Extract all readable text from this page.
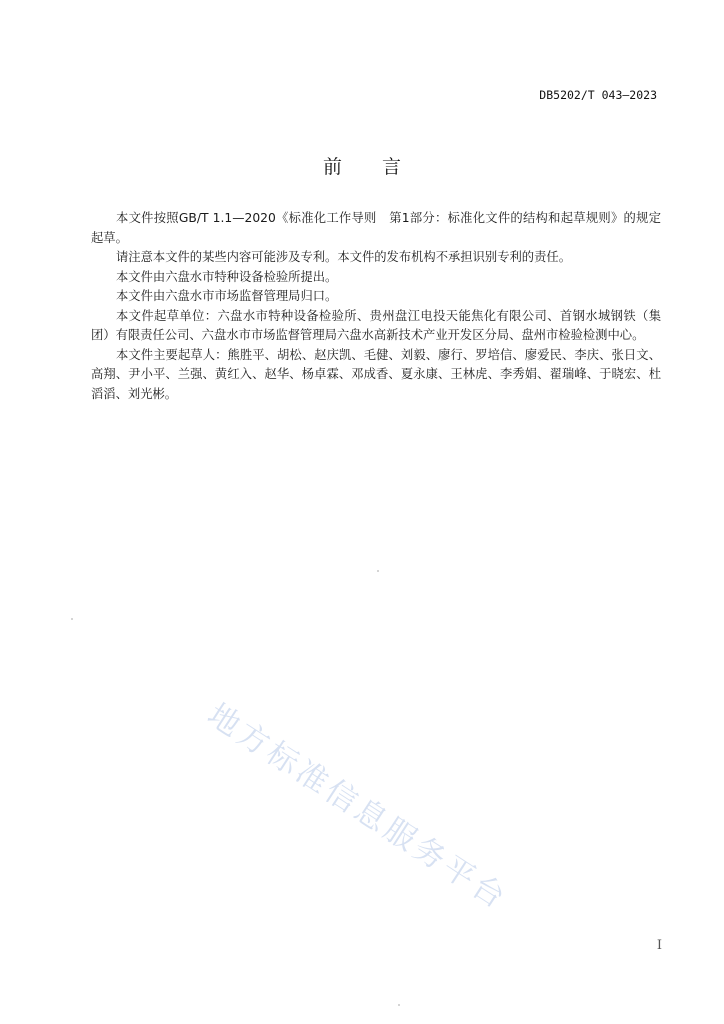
DB5202/T 043—2023
前 言

本文件按照GB/T 1.1—2020《标准化工作导则　第1部分：标准化文件的结构和起草规则》的规定起草。

请注意本文件的某些内容可能涉及专利。本文件的发布机构不承担识别专利的责任。

本文件由六盘水市特种设备检验所提出。

本文件由六盘水市市场监督管理局归口。

本文件起草单位：六盘水市特种设备检验所、贵州盘江电投天能焦化有限公司、首钢水城钢铁（集团）有限责任公司、六盘水市市场监督管理局六盘水高新技术产业开发区分局、盘州市检验检测中心。

本文件主要起草人：熊胜平、胡松、赵庆凯、毛健、刘毅、廖行、罗培信、廖爱民、李庆、张日文、高翔、尹小平、兰强、黄红入、赵华、杨卓霖、邓成香、夏永康、王林虎、李秀娟、翟瑞峰、于晓宏、杜滔滔、刘光彬。

地方标准信息服务平台
I
